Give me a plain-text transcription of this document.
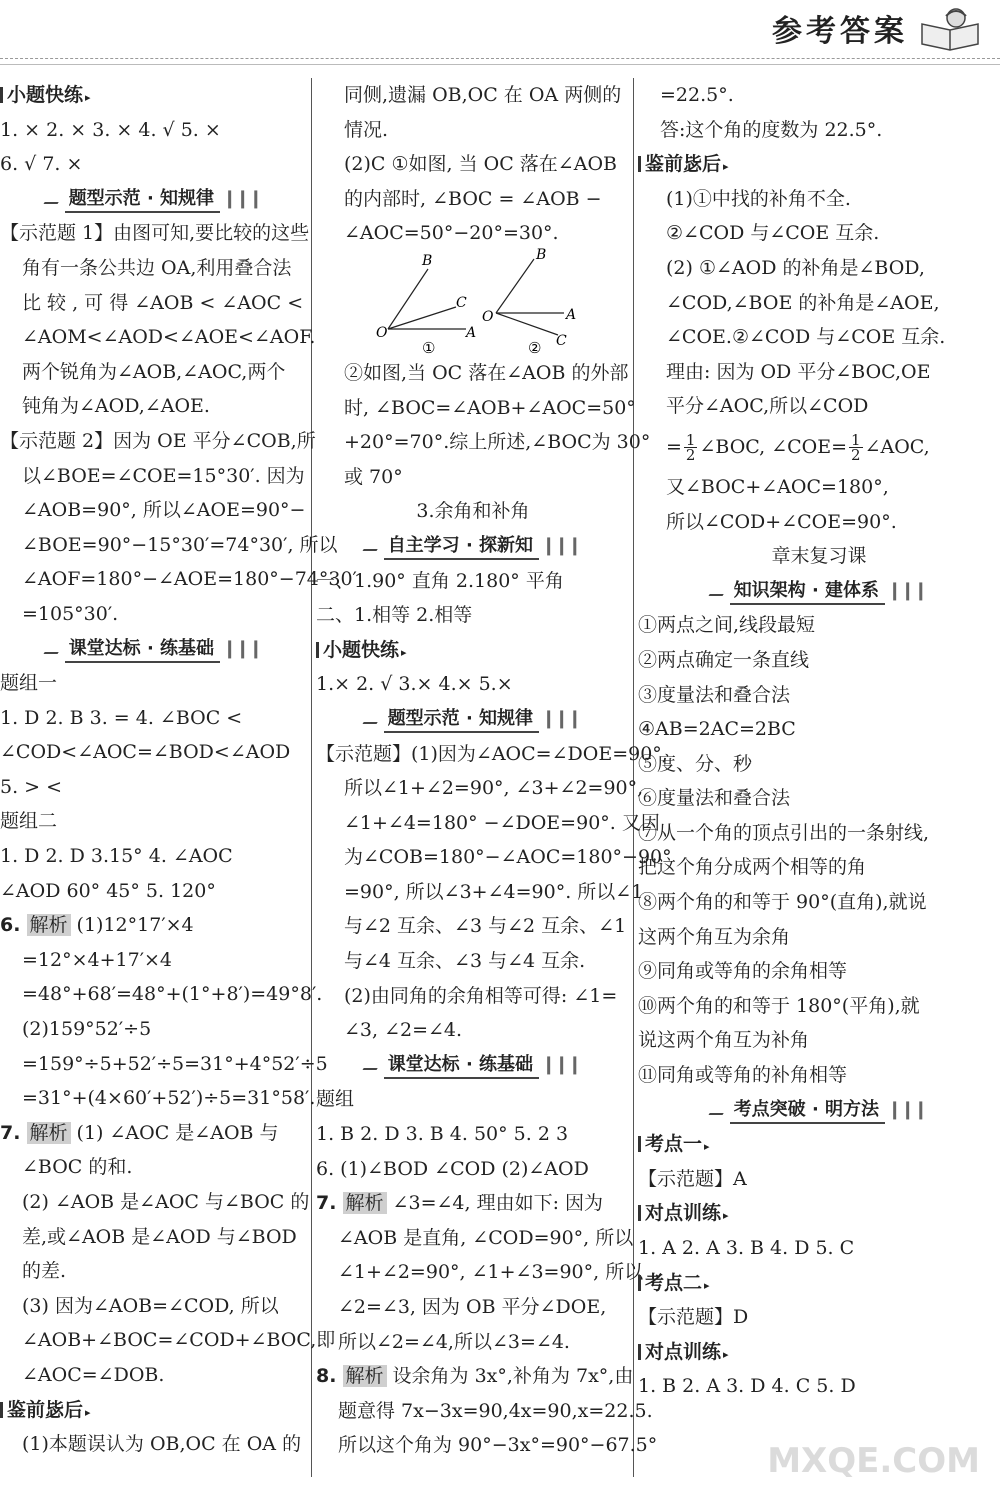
参考答案
小题快练 ▸
1. × 2. × 3. × 4. √ 5. ×
6. √ 7. ×
题型示范 · 知规律 ❙❙❙
【示范题 1】由图可知,要比较的这些
角有一条公共边 OA,利用叠合法
比 较 , 可 得 ∠AOB < ∠AOC <
∠AOM<∠AOD<∠AOE<∠AOF.
两个锐角为∠AOB,∠AOC,两个
钝角为∠AOD,∠AOE.
【示范题 2】因为 OE 平分∠COB,所
以∠BOE=∠COE=15°30′. 因为
∠AOB=90°, 所以∠AOE=90°−
∠BOE=90°−15°30′=74°30′, 所以
∠AOF=180°−∠AOE=180°−74°30′
=105°30′.
课堂达标 · 练基础 ❙❙❙
题组一
1. D 2. B 3. = 4. ∠BOC <
∠COD<∠AOC=∠BOD<∠AOD
5. > <
题组二
1. D 2. D 3.15° 4. ∠AOC
∠AOD 60° 45° 5. 120°
6. 解析 (1)12°17′×4
=12°×4+17′×4
=48°+68′=48°+(1°+8′)=49°8′.
(2)159°52′÷5
=159°÷5+52′÷5=31°+4°52′÷5
=31°+(4×60′+52′)÷5=31°58′.
7. 解析 (1) ∠AOC 是∠AOB 与
∠BOC 的和.
(2) ∠AOB 是∠AOC 与∠BOC 的
差,或∠AOB 是∠AOD 与∠BOD
的差.
(3) 因为∠AOB=∠COD, 所以
∠AOB+∠BOC=∠COD+∠BOC,即
∠AOC=∠DOB.
鉴前毖后 ▸
(1)本题误认为 OB,OC 在 OA 的
同侧,遗漏 OB,OC 在 OA 两侧的
情况.
(2)C ①如图, 当 OC 落在∠AOB
的内部时, ∠BOC = ∠AOB −
∠AOC=50°−20°=30°.
O	A
B
C
①
O	A
B
C
②
②如图,当 OC 落在∠AOB 的外部
时, ∠BOC=∠AOB+∠AOC=50°
+20°=70°.综上所述,∠BOC为 30°
或 70°
3.余角和补角
自主学习 · 探新知 ❙❙❙
一、1.90° 直角 2.180° 平角
二、1.相等 2.相等
小题快练 ▸
1.× 2. √ 3.× 4.× 5.×
题型示范 · 知规律 ❙❙❙
【示范题】(1)因为∠AOC=∠DOE=90°,
所以∠1+∠2=90°, ∠3+∠2=90°,
∠1+∠4=180° −∠DOE=90°. 又因
为∠COB=180°−∠AOC=180°−90°
=90°, 所以∠3+∠4=90°. 所以∠1
与∠2 互余、∠3 与∠2 互余、∠1
与∠4 互余、∠3 与∠4 互余.
(2)由同角的余角相等可得: ∠1=
∠3, ∠2=∠4.
课堂达标 · 练基础 ❙❙❙
题组
1. B 2. D 3. B 4. 50° 5. 2 3
6. (1)∠BOD ∠COD (2)∠AOD
7. 解析 ∠3=∠4, 理由如下: 因为
∠AOB 是直角, ∠COD=90°, 所以
∠1+∠2=90°, ∠1+∠3=90°, 所以
∠2=∠3, 因为 OB 平分∠DOE,
所以∠2=∠4,所以∠3=∠4.
8. 解析 设余角为 3x°,补角为 7x°,由
题意得 7x−3x=90,4x=90,x=22.5.
所以这个角为 90°−3x°=90°−67.5°
=22.5°.
答:这个角的度数为 22.5°.
鉴前毖后 ▸
(1)①中找的补角不全.
②∠COD 与∠COE 互余.
(2) ①∠AOD 的补角是∠BOD,
∠COD,∠BOE 的补角是∠AOE,
∠COE.②∠COD 与∠COE 互余.
理由: 因为 OD 平分∠BOC,OE
平分∠AOC,所以∠COD
= $\frac{1}{2}$ ∠BOC, ∠COE= $\frac{1}{2}$ ∠AOC,
又∠BOC+∠AOC=180°,
所以∠COD+∠COE=90°.
章末复习课
知识架构 · 建体系 ❙❙❙
①两点之间,线段最短
②两点确定一条直线
③度量法和叠合法
④AB=2AC=2BC
⑤度、分、秒
⑥度量法和叠合法
⑦从一个角的顶点引出的一条射线,
把这个角分成两个相等的角
⑧两个角的和等于 90°(直角),就说
这两个角互为余角
⑨同角或等角的余角相等
⑩两个角的和等于 180°(平角),就
说这两个角互为补角
⑪同角或等角的补角相等
考点突破 · 明方法 ❙❙❙
考点一 ▸
【示范题】A
对点训练 ▸
1. A 2. A 3. B 4. D 5. C
考点二 ▸
【示范题】D
对点训练 ▸
1. B 2. A 3. D 4. C 5. D
MXQE.COM
